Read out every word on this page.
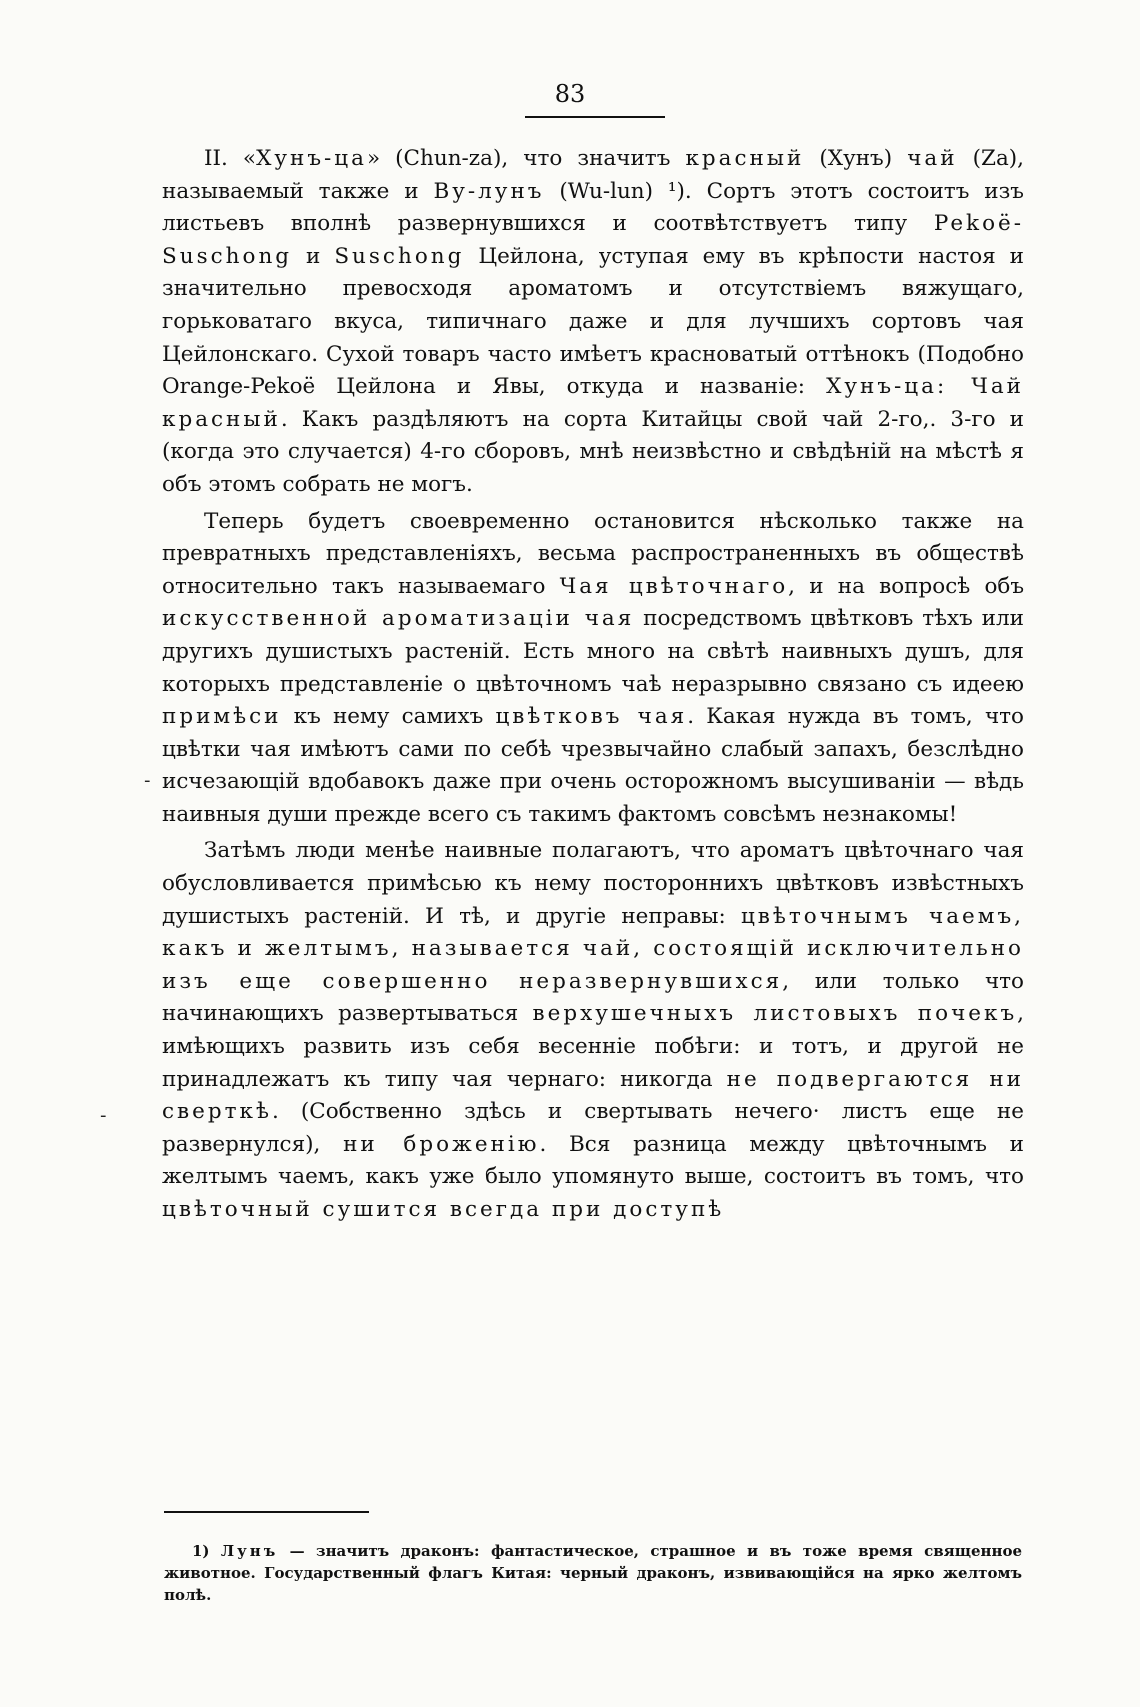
83

II. «Хунъ-ца» (Chun-za), что значитъ красный (Хунъ) чай (Za), называемый также и Ву-лунъ (Wu-lun) ¹). Сортъ этотъ состоитъ изъ листьевъ вполнѣ развернувшихся и соотвѣтствуетъ типу Pekoë-Suschong и Suschong Цейлона, уступая ему въ крѣпости настоя и значительно превосходя ароматомъ и отсутствіемъ вяжущаго, горьковатаго вкуса, типичнаго даже и для лучшихъ сортовъ чая Цейлонскаго. Сухой товаръ часто имѣетъ красноватый оттѣнокъ (Подобно Orange-Pekoë Цейлона и Явы, откуда и названіе: Хунъ-ца: Чай красный. Какъ раздѣляютъ на сорта Китайцы свой чай 2-го,. 3-го и (когда это случается) 4-го сборовъ, мнѣ неизвѣстно и свѣдѣній на мѣстѣ я объ этомъ собрать не могъ.

Теперь будетъ своевременно остановится нѣсколько также на превратныхъ представленіяхъ, весьма распространенныхъ въ обществѣ относительно такъ называемаго Чая цвѣточнаго, и на вопросѣ объ искусственной ароматизаціи чая посредствомъ цвѣтковъ тѣхъ или другихъ душистыхъ растеній. Есть много на свѣтѣ наивныхъ душъ, для которыхъ представленіе о цвѣточномъ чаѣ неразрывно связано съ идеею примѣси къ нему самихъ цвѣтковъ чая. Какая нужда въ томъ, что цвѣтки чая имѣютъ сами по себѣ чрезвычайно слабый запахъ, безслѣдно исчезающій вдобавокъ даже при очень осторожномъ высушиваніи — вѣдь наивныя души прежде всего съ такимъ фактомъ совсѣмъ незнакомы!

Затѣмъ люди менѣе наивные полагаютъ, что ароматъ цвѣточнаго чая обусловливается примѣсью къ нему постороннихъ цвѣтковъ извѣстныхъ душистыхъ растеній. И тѣ, и другіе неправы: цвѣточнымъ чаемъ, какъ и желтымъ, называется чай, состоящій исключительно изъ еще совершенно неразвернувшихся, или только что начинающихъ развертываться верхушечныхъ листовыхъ почекъ, имѣющихъ развить изъ себя весенніе побѣги: и тотъ, и другой не принадлежатъ къ типу чая чернаго: никогда не подвергаются ни сверткѣ. (Собственно здѣсь и свертывать нечего· листъ еще не развернулся), ни броженію. Вся разница между цвѣточнымъ и желтымъ чаемъ, какъ уже было упомянуто выше, состоитъ въ томъ, что цвѣточный сушится всегда при доступѣ

1) Лунъ — значитъ драконъ: фантастическое, страшное и въ тоже время священное животное. Государственный флагъ Китая: черный драконъ, извивающійся на ярко желтомъ полѣ.

-
-
